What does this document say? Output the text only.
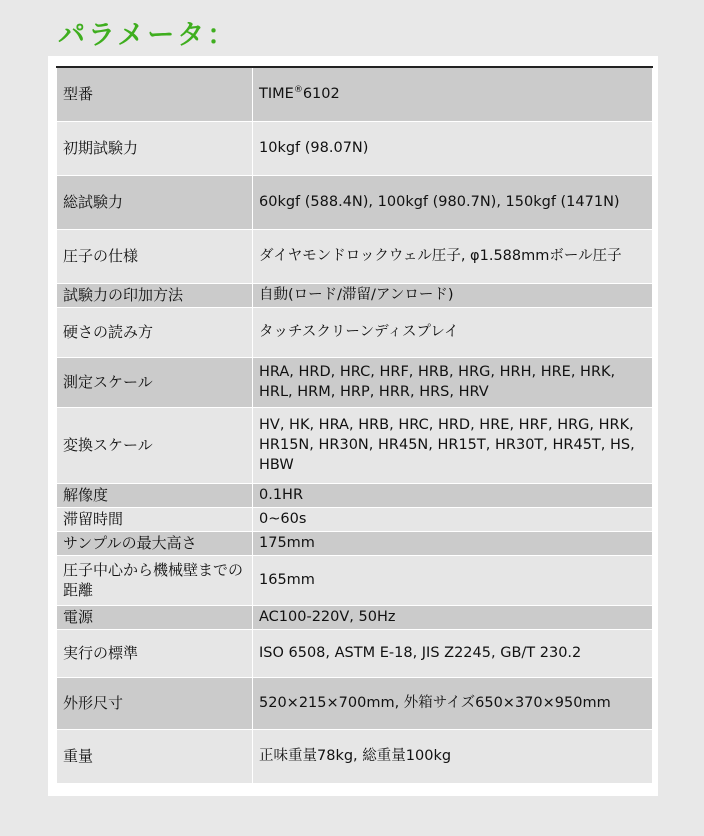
パラメータ：
型番	TIME®6102
初期試験力	10kgf (98.07N)
総試験力	60kgf (588.4N), 100kgf (980.7N), 150kgf (1471N)
圧子の仕様	ダイヤモンドロックウェル圧子, φ1.588mmボール圧子
試験力の印加方法	自動(ロード/滞留/アンロード)
硬さの読み方	タッチスクリーンディスプレイ
測定スケール	HRA, HRD, HRC, HRF, HRB, HRG, HRH, HRE, HRK, HRL, HRM, HRP, HRR, HRS, HRV
変換スケール	HV, HK, HRA, HRB, HRC, HRD, HRE, HRF, HRG, HRK, HR15N, HR30N, HR45N, HR15T, HR30T, HR45T, HS, HBW
解像度	0.1HR
滞留時間	0~60s
サンプルの最大高さ	175mm
圧子中心から機械壁までの距離	165mm
電源	AC100-220V, 50Hz
実行の標準	ISO 6508, ASTM E-18, JIS Z2245, GB/T 230.2
外形尺寸	520×215×700mm, 外箱サイズ650×370×950mm
重量	正味重量78kg, 総重量100kg
